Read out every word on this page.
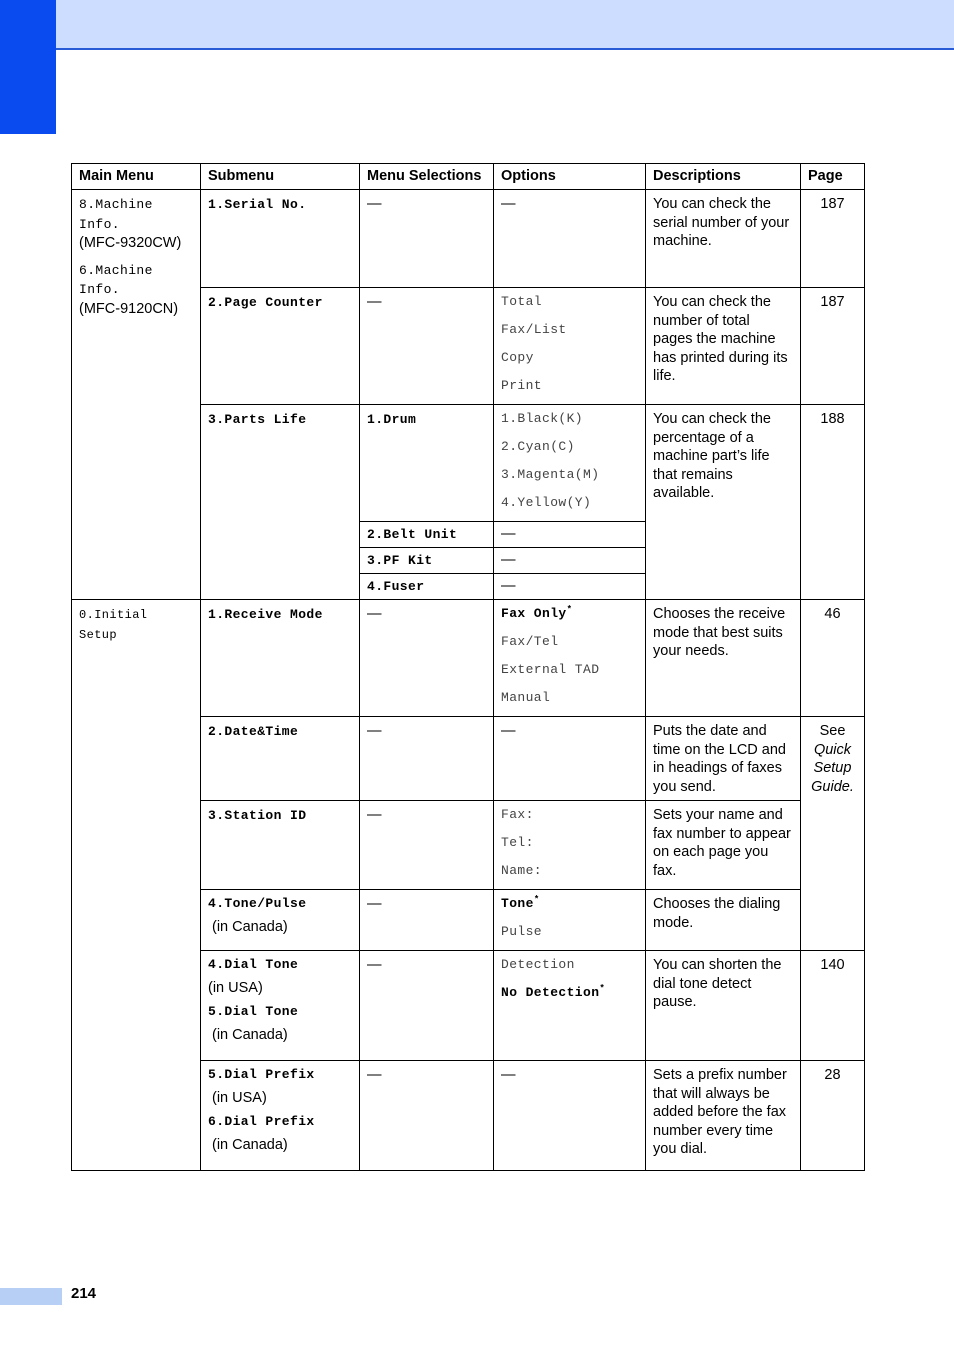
Main Menu	Submenu	Menu Selections	Options	Descriptions	Page
8.Machine Info.
(MFC-9320CW)
6.Machine Info.
(MFC-9120CN)	1.Serial No.	—	—	You can check the serial number of your machine.	187
	2.Page Counter	—	Total
Fax/List
Copy
Print	You can check the number of total pages the machine has printed during its life.	187
	3.Parts Life	1.Drum	1.Black(K)
2.Cyan(C)
3.Magenta(M)
4.Yellow(Y)	You can check the percentage of a machine part’s life that remains available.	188
		2.Belt Unit	—		

		3.PF Kit	—		

		4.Fuser	—		

0.Initial Setup	1.Receive Mode	—	Fax Only*
Fax/Tel
External TAD
Manual	Chooses the receive mode that best suits your needs.	46
	2.Date&Time	—	—	Puts the date and time on the LCD and in headings of faxes you send.	See
Quick Setup Guide.

	3.Station ID	—	Fax:
Tel:
Name:	Sets your name and fax number to appear on each page you fax.	

	4.Tone/Pulse
(in Canada)	—	Tone*
Pulse	Chooses the dialing mode.	

	4.Dial Tone
(in USA)
5.Dial Tone
(in Canada)	—	Detection
No Detection*	You can shorten the dial tone detect pause.	140

	5.Dial Prefix
(in USA)
6.Dial Prefix
(in Canada)	—	—	Sets a prefix number that will always be added before the fax number every time you dial.	28
214
